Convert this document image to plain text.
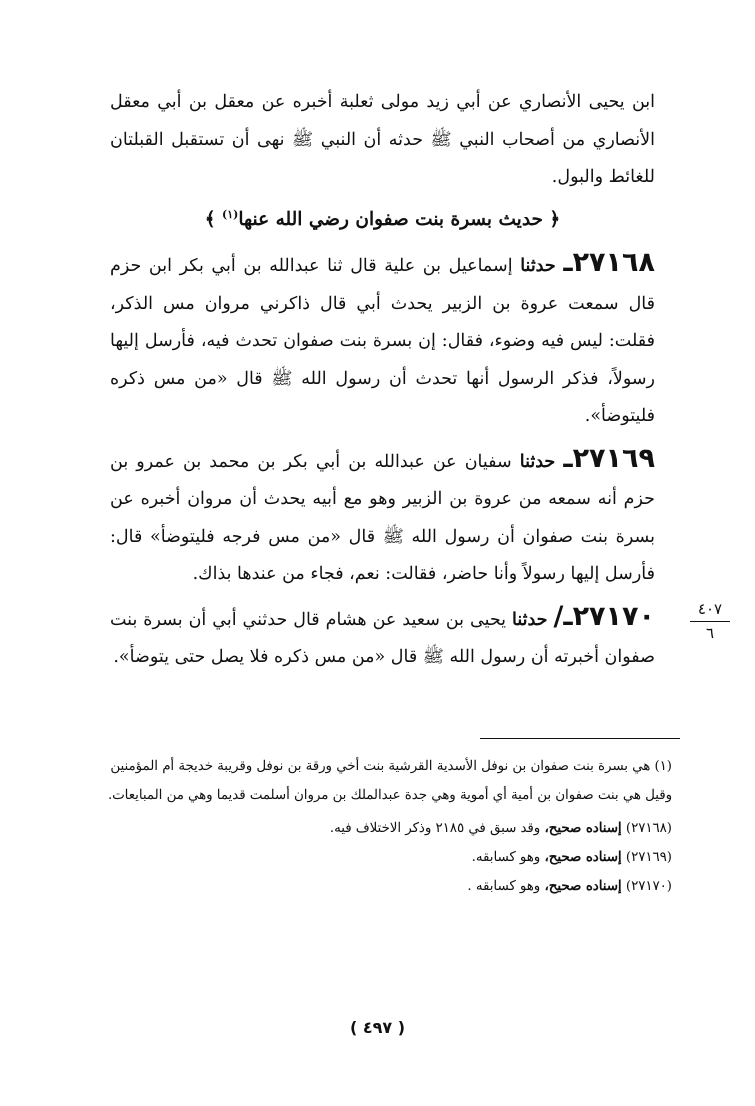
ابن يحيى الأنصاري عن أبي زيد مولى ثعلبة أخبره عن معقل بن أبي معقل الأنصاري من أصحاب النبي ﷺ حدثه أن النبي ﷺ نهى أن تستقبل القبلتان للغائط والبول.

﴿ حديث بسرة بنت صفوان رضي الله عنها$^{(١)}$ ﴾

٢٧١٦٨ـ حدثنا إسماعيل بن علية قال ثنا عبدالله بن أبي بكر ابن حزم قال سمعت عروة بن الزبير يحدث أبي قال ذاكرني مروان مس الذكر، فقلت: ليس فيه وضوء، فقال: إن بسرة بنت صفوان تحدث فيه، فأرسل إليها رسولاً، فذكر الرسول أنها تحدث أن رسول الله ﷺ قال «من مس ذكره فليتوضأ».

٢٧١٦٩ـ حدثنا سفيان عن عبدالله بن أبي بكر بن محمد بن عمرو بن حزم أنه سمعه من عروة بن الزبير وهو مع أبيه يحدث أن مروان أخبره عن بسرة بنت صفوان أن رسول الله ﷺ قال «من مس فرجه فليتوضأ» قال: فأرسل إليها رسولاً وأنا حاضر، فقالت: نعم، فجاء من عندها بذاك.

٢٧١٧٠ـ/ حدثنا يحيى بن سعيد عن هشام قال حدثني أبي أن بسرة بنت صفوان أخبرته أن رسول الله ﷺ قال «من مس ذكره فلا يصل حتى يتوضأ».

٤٠٧
٦

(١) هي بسرة بنت صفوان بن نوفل الأسدية القرشية بنت أخي ورقة بن نوفل وقريبة خديجة أم المؤمنين وقيل هي بنت صفوان بن أمية أي أموية وهي جدة عبدالملك بن مروان أسلمت قديما وهي من المبايعات.

(٢٧١٦٨) إسناده صحيح، وقد سبق في ٢١٨٥ وذكر الاختلاف فيه.

(٢٧١٦٩) إسناده صحيح، وهو كسابقه.

(٢٧١٧٠) إسناده صحيح، وهو كسابقه .

( ٤٩٧ )
